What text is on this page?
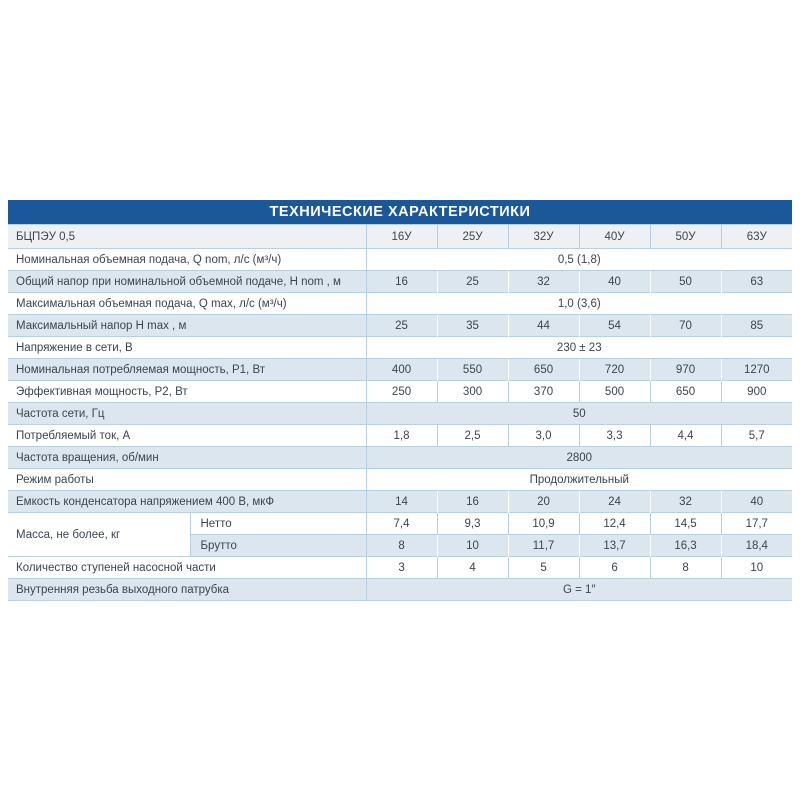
ТЕХНИЧЕСКИЕ ХАРАКТЕРИСТИКИ
БЦПЭУ 0,5		16У	25У	32У	40У	50У	63У
Номинальная объемная подача, Q nom, л/с (м³/ч)		0,5 (1,8)					
Общий напор при номинальной объемной подаче, H nom , м		16	25	32	40	50	63
Максимальная объемная подача, Q max, л/с (м³/ч)		1,0 (3,6)					
Максимальный напор H max , м		25	35	44	54	70	85
Напряжение в сети, В		230 ± 23					
Номинальная потребляемая мощность, P1, Вт		400	550	650	720	970	1270
Эффективная мощность, P2, Вт		250	300	370	500	650	900
Частота сети, Гц		50					
Потребляемый ток, А		1,8	2,5	3,0	3,3	4,4	5,7
Частота вращения, об/мин		2800					
Режим работы		Продолжительный					
Емкость конденсатора напряжением 400 В, мкФ		14	16	20	24	32	40
Масса, не более, кг	Нетто	7,4	9,3	10,9	12,4	14,5	17,7
	Брутто	8	10	11,7	13,7	16,3	18,4
Количество ступеней насосной части		3	4	5	6	8	10
Внутренняя резьба выходного патрубка		G = 1″					
